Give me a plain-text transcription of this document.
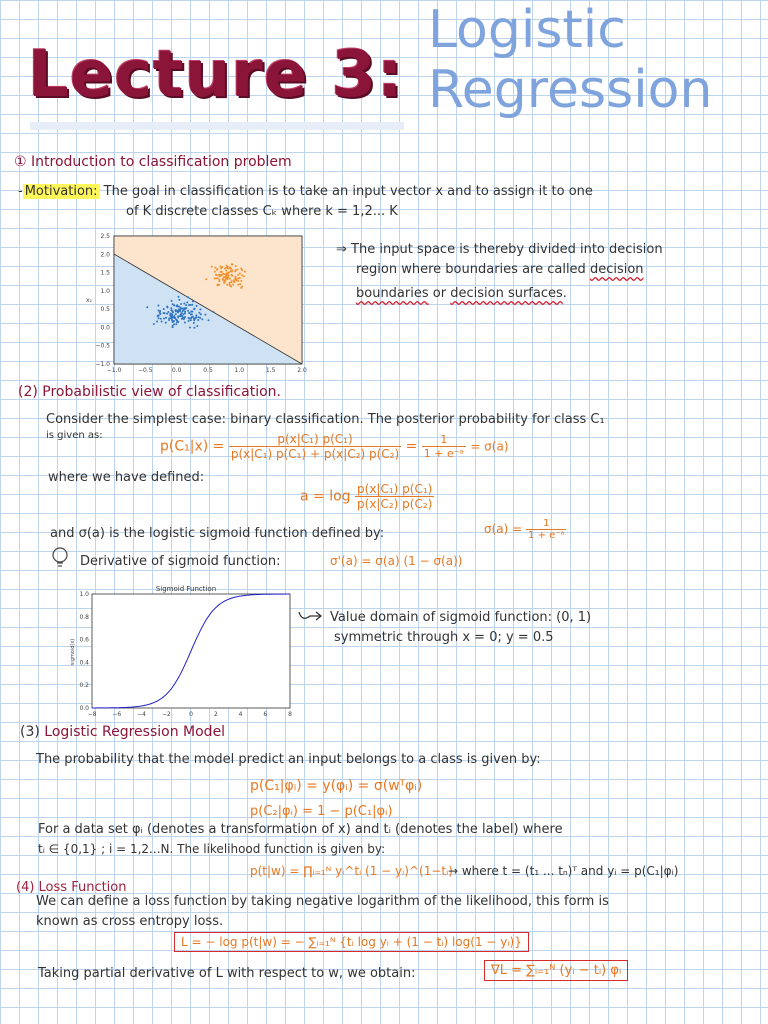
Lecture 3:
Logistic
Regression
① Introduction to classification problem
- Motivation: The goal in classification is to take an input vector x and to assign it to one
of K discrete classes Cₖ where k = 1,2... K
−1.0	−0.5	0.0	0.5	1.0	1.5	2.0
2.5
2.0
1.5
1.0
0.5
0.0
−0.5
−1.0
x₂
⇒ The input space is thereby divided into decision
region where boundaries are called decision
boundaries or decision surfaces.
(2) Probabilistic view of classification.
Consider the simplest case: binary classification. The posterior probability for class C₁
is given as:
$p(C_1|x) = \frac{\text{p(x|C₁) p(C₁)}}{\text{p(x|C₁) p(C₁) + p(x|C₂) p(C₂)}} = \frac{1}{\text{1 + e⁻ᵃ}} = \sigma(a)$
where we have defined:
$a = \log \frac{\text{p(x|C₁) p(C₁)}}{\text{p(x|C₂) p(C₂)}}$
and σ(a) is the logistic sigmoid function defined by:	$\sigma(a) = \frac{1}{\text{1 + e⁻ᵃ}}$
Derivative of sigmoid function:	σ'(a) = σ(a) (1 − σ(a))
Sigmoid Function
−8	−6	−4	−2	0	2	4	6	8
1.0
0.8
0.6
0.4
0.2
0.0
sigmoid(x)
Value domain of sigmoid function: (0, 1)
symmetric through x = 0; y = 0.5
(3) Logistic Regression Model
The probability that the model predict an input belongs to a class is given by:
p(C₁|φᵢ) = y(φᵢ) = σ(wᵀφᵢ)
p(C₂|φᵢ) = 1 − p(C₁|φᵢ)
For a data set φᵢ (denotes a transformation of x) and tᵢ (denotes the label) where
tᵢ ∈ {0,1} ; i = 1,2...N. The likelihood function is given by:
p(t|w) = ∏ᵢ₌₁ᴺ yᵢ^tᵢ (1 − yᵢ)^(1−tᵢ)
→ where t = (t₁ ... tₙ)ᵀ and yᵢ = p(C₁|φᵢ)
(4) Loss Function
We can define a loss function by taking negative logarithm of the likelihood, this form is
known as cross entropy loss.
L = − log p(t|w) = − ∑ᵢ₌₁ᴺ {tᵢ log yᵢ + (1 − tᵢ) log(1 − yᵢ)}
Taking partial derivative of L with respect to w, we obtain:	∇L = ∑ᵢ₌₁ᴺ (yᵢ − tᵢ) φᵢ
